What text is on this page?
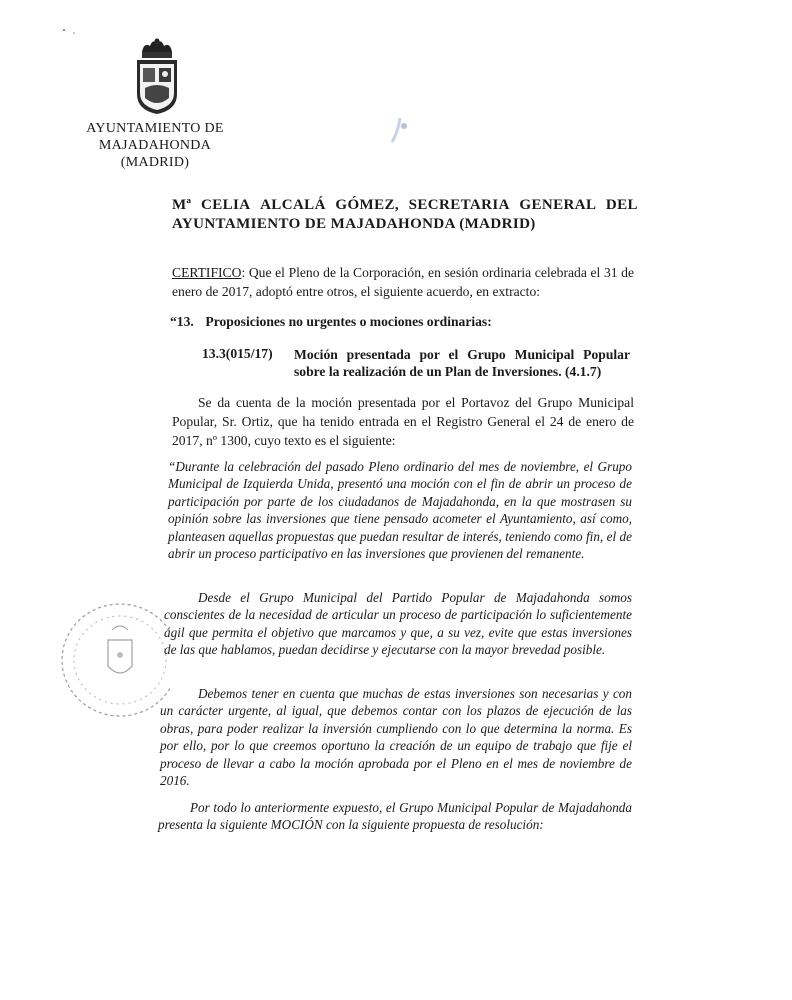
AYUNTAMIENTO DE
MAJADAHONDA
(MADRID)
Mª CELIA ALCALÁ GÓMEZ, SECRETARIA GENERAL DEL
AYUNTAMIENTO DE MAJADAHONDA (MADRID)
CERTIFICO: Que el Pleno de la Corporación, en sesión ordinaria celebrada el 31 de enero de 2017, adoptó entre otros, el siguiente acuerdo, en extracto:
“13. Proposiciones no urgentes o mociones ordinarias:
13.3(015/17) Moción presentada por el Grupo Municipal Popular sobre la realización de un Plan de Inversiones. (4.1.7)
Se da cuenta de la moción presentada por el Portavoz del Grupo Municipal Popular, Sr. Ortiz, que ha tenido entrada en el Registro General el 24 de enero de 2017, nº 1300, cuyo texto es el siguiente:
“Durante la celebración del pasado Pleno ordinario del mes de noviembre, el Grupo Municipal de Izquierda Unida, presentó una moción con el fin de abrir un proceso de participación por parte de los ciudadanos de Majadahonda, en la que mostrasen su opinión sobre las inversiones que tiene pensado acometer el Ayuntamiento, así como, planteasen aquellas propuestas que puedan resultar de interés, teniendo como fin, el de abrir un proceso participativo en las inversiones que provienen del remanente.
Desde el Grupo Municipal del Partido Popular de Majadahonda somos conscientes de la necesidad de articular un proceso de participación lo suficientemente ágil que permita el objetivo que marcamos y que, a su vez, evite que estas inversiones de las que hablamos, puedan decidirse y ejecutarse con la mayor brevedad posible.
Debemos tener en cuenta que muchas de estas inversiones son necesarias y con un carácter urgente, al igual, que debemos contar con los plazos de ejecución de las obras, para poder realizar la inversión cumpliendo con lo que determina la norma. Es por ello, por lo que creemos oportuno la creación de un equipo de trabajo que fije el proceso de llevar a cabo la moción aprobada por el Pleno en el mes de noviembre de 2016.
Por todo lo anteriormente expuesto, el Grupo Municipal Popular de Majadahonda presenta la siguiente MOCIÓN con la siguiente propuesta de resolución:
